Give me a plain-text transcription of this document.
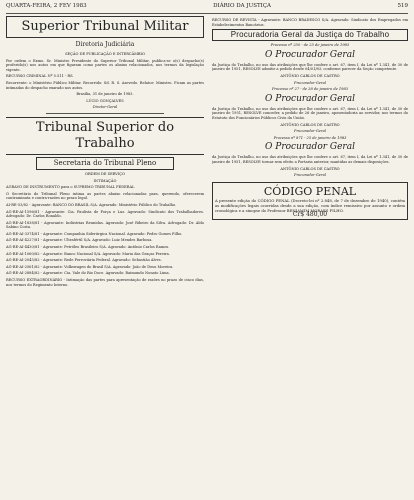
QUARTA-FEIRA, 2 FEV 1983	DIÁRIO DA JUSTIÇA	519
Superior Tribunal Militar
Diretoria Judiciária
SEÇÃO DE PUBLICAÇÃO E INTERCÂMBIO

Por ordem o Exmo. Sr. Ministro Presidente do Superior Tribunal Militar, publica-se o(s) despacho(s) proferido(s) nos autos em que figuram como partes os abaixo relacionados, nos termos da legislação vigente.

RECURSO CRIMINAL Nº 5.511 - RS.

Recorrente: o Ministério Público Militar. Recorrido: Sd. R. S. Azevedo. Relator: Ministro. Ficam as partes intimadas do despacho exarado nos autos.

Brasília, 31 de janeiro de 1983.
LÚCIO GONÇALVES
Diretor-Geral
Tribunal Superior do Trabalho
Secretaria do Tribunal Pleno
ORDEM DE SERVIÇO
INTIMAÇÃO

AGRAVO DE INSTRUMENTO para o SUPREMO TRIBUNAL FEDERAL

O Secretário do Tribunal Pleno intima as partes abaixo relacionadas para, querendo, oferecerem contraminuta e contra-razões no prazo legal.

AI-RE-53/82 - Agravante: BANCO DO BRASIL S/A. Agravado: Ministério Público do Trabalho.

AG-RE-AI-1596/81 - Agravante: Cia. Paulista de Força e Luz. Agravado: Sindicato dos Trabalhadores. Advogado: Dr. Carlos Ronaldo.

AG-RE-AI-1838/81 - Agravante: Indústrias Reunidas. Agravado: José Ribeiro da Silva. Advogado: Dr. Aldo Sabino Costa.

AG-RE-AI-3374/81 - Agravante: Companhia Siderúrgica Nacional. Agravado: Pedro Gomes Filho.

AG-RE-AI-4227/81 - Agravante: Ultrafértil S/A. Agravado: Luiz Mendes Barbosa.

AG-RE-AI-4430/81 - Agravante: Petróleo Brasileiro S/A. Agravado: Antônio Carlos Ramos.

AG-RE-AI-1060/82 - Agravante: Banco Nacional S/A. Agravado: Maria das Graças Pereira.

AG-RE-AI-2045/82 - Agravante: Rede Ferroviária Federal. Agravado: Sebastião Alves.

AG-RE-AI-2561/82 - Agravante: Volkswagen do Brasil S/A. Agravado: João de Deus Moreira.

AG-RE-AI-2884/82 - Agravante: Cia. Vale do Rio Doce. Agravado: Raimundo Nonato Lima.

RECURSO EXTRAORDINÁRIO - Intimação das partes para apresentação de razões no prazo de cinco dias, nos termos do Regimento Interno.

RECURSO DE REVISTA - Agravante: BANCO BRADESCO S/A. Agravado: Sindicato dos Empregados em Estabelecimentos Bancários.

Procuradoria Geral da Justiça do Trabalho
Processo nº 250 - de 25 de janeiro de 1983
O Procurador Geral

da Justiça do Trabalho, no uso das atribuições que lhe confere o art. 67, item I, da Lei nº 1.341, de 30 de janeiro de 1951, RESOLVE admitir a pedido desde 04/01/83, conforme parecer da Seção competente.

ANTÔNIO CARLOS DE CASTRO
Procurador-Geral
Processo nº 27 - de 28 de janeiro de 1983
O Procurador Geral

da Justiça do Trabalho, no uso das atribuições que lhe confere o art. 67, item I, da Lei nº 1.341, de 30 de janeiro de 1951, RESOLVE conceder, a pedido de 26 de janeiro, aposentadoria ao servidor, nos termos do Estatuto dos Funcionários Públicos Civis da União.

ANTÔNIO CARLOS DE CASTRO
Procurador-Geral
Processo nº 871 - 25 de janeiro de 1983
O Procurador Geral

da Justiça do Trabalho, no uso das atribuições que lhe confere o art. 67, item I, da Lei nº 1.341, de 30 de janeiro de 1951, RESOLVE tornar sem efeito a Portaria anterior, mantidas as demais disposições.

ANTÔNIO CARLOS DE CASTRO
Procurador-Geral
CÓDIGO PENAL
A presente edição do CÓDIGO PENAL (Decreto-lei nº 2.848, de 7 de dezembro de 1940), contém as modificações legais ocorridas desde a sua edição, com índice remissivo por assunto e ordem cronológica e a sinopse do Professor BENJAMIM MORAES FILHO.
Cr$ 480,00
